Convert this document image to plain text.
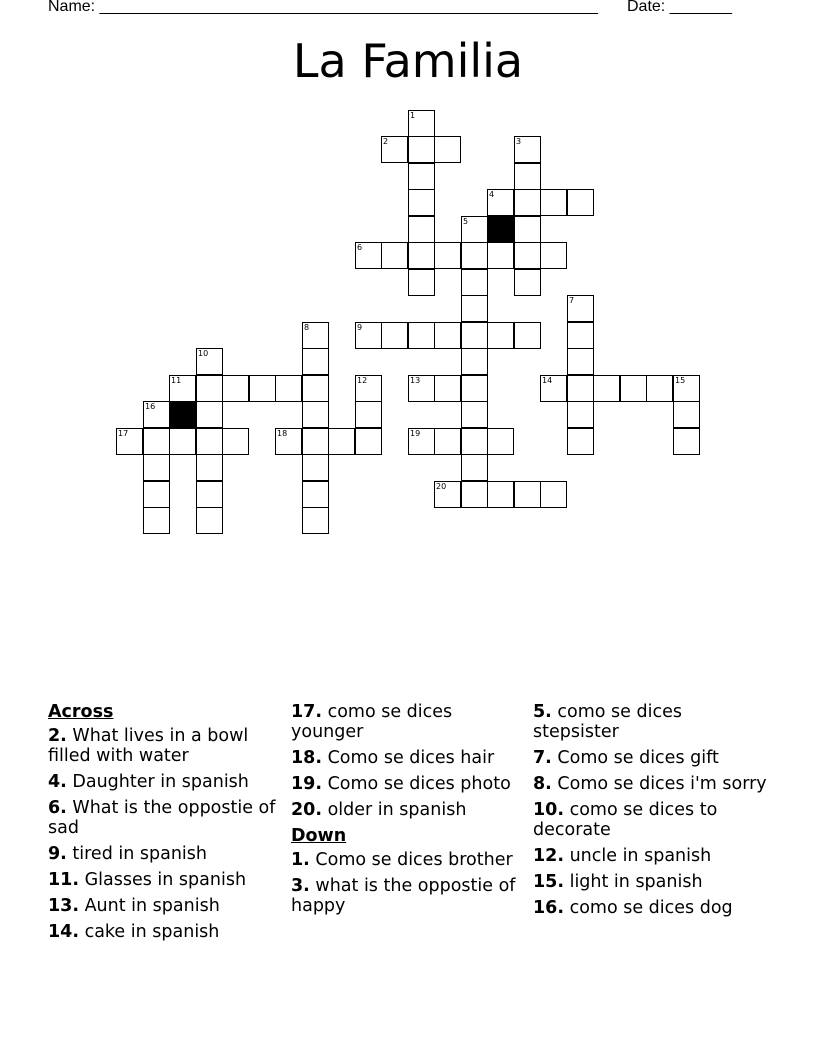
Name: ________________________________________________________ Date: _______
La Familia
1
2	3
4
5
6
7
8	9
10
11	12	13	14	15
16
17	18	19
20
Across
2. What lives in a bowl filled with water
4. Daughter in spanish
6. What is the oppostie of sad
9. tired in spanish
11. Glasses in spanish
13. Aunt in spanish
14. cake in spanish
17. como se dices younger
18. Como se dices hair
19. Como se dices photo
20. older in spanish
Down
1. Como se dices brother
3. what is the oppostie of happy
5. como se dices stepsister
7. Como se dices gift
8. Como se dices i'm sorry
10. como se dices to decorate
12. uncle in spanish
15. light in spanish
16. como se dices dog
